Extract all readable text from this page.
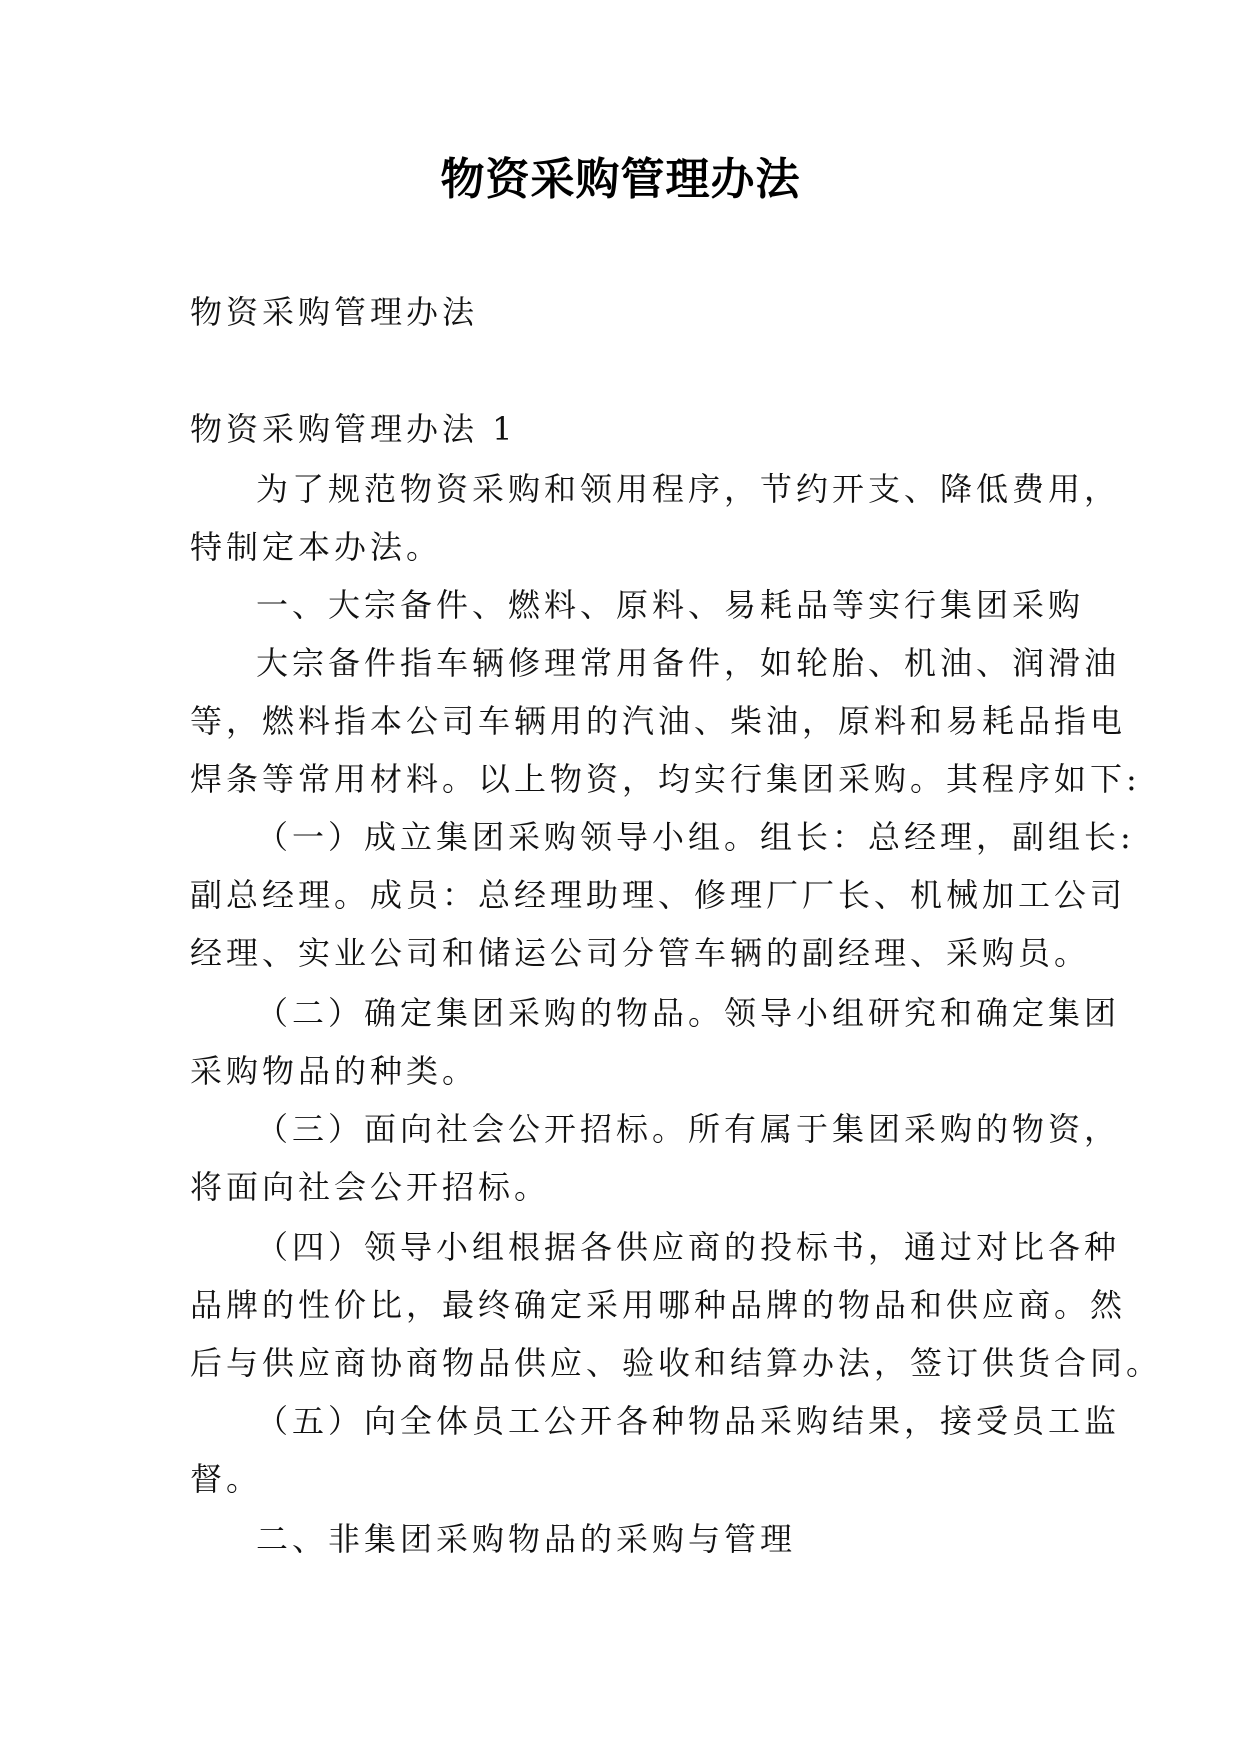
物资采购管理办法
物资采购管理办法
物资采购管理办法 1
为了规范物资采购和领用程序，节约开支、降低费用，
特制定本办法。
一、大宗备件、燃料、原料、易耗品等实行集团采购
大宗备件指车辆修理常用备件，如轮胎、机油、润滑油
等，燃料指本公司车辆用的汽油、柴油，原料和易耗品指电
焊条等常用材料。以上物资，均实行集团采购。其程序如下:
（一）成立集团采购领导小组。组长：总经理，副组长:
副总经理。成员：总经理助理、修理厂厂长、机械加工公司
经理、实业公司和储运公司分管车辆的副经理、采购员。
（二）确定集团采购的物品。领导小组研究和确定集团
采购物品的种类。
（三）面向社会公开招标。所有属于集团采购的物资，
将面向社会公开招标。
（四）领导小组根据各供应商的投标书，通过对比各种
品牌的性价比，最终确定采用哪种品牌的物品和供应商。然
后与供应商协商物品供应、验收和结算办法，签订供货合同。
（五）向全体员工公开各种物品采购结果，接受员工监
督。
二、非集团采购物品的采购与管理
